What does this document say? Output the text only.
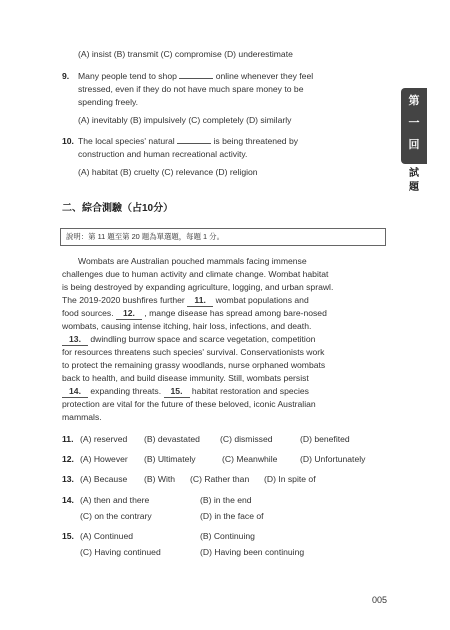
(A) insist (B) transmit (C) compromise (D) underestimate
9. Many people tend to shop	online whenever they feel
stressed, even if they do not have much spare money to be
spending freely.
(A) inevitably (B) impulsively (C) completely (D) similarly
10. The local species' natural	is being threatened by
construction and human recreational activity.
(A) habitat (B) cruelty (C) relevance (D) religion
第
一
回
試
題
二、綜合測驗（占10分）
說明：第 11 題至第 20 題為單選題，每題 1 分。
Wombats are Australian pouched mammals facing immense
challenges due to human activity and climate change. Wombat habitat
is being destroyed by expanding agriculture, logging, and urban sprawl.
The 2019-2020 bushfires further 11. wombat populations and
food sources. 12. , mange disease has spread among bare-nosed
wombats, causing intense itching, hair loss, infections, and death.
13. dwindling burrow space and scarce vegetation, competition
for resources threatens such species' survival. Conservationists work
to protect the remaining grassy woodlands, nurse orphaned wombats
back to health, and build disease immunity. Still, wombats persist
14. expanding threats. 15. habitat restoration and species
protection are vital for the future of these beloved, iconic Australian
mammals.
11. (A) reserved (B) devastated (C) dismissed	(D) benefited
12. (A) However (B) Ultimately	(C) Meanwhile	(D) Unfortunately
13. (A) Because (B) With (C) Rather than (D) In spite of
14. (A) then and there	(B) in the end
(C) on the contrary	(D) in the face of
15. (A) Continued	(B) Continuing
(C) Having continued	(D) Having been continuing
005
